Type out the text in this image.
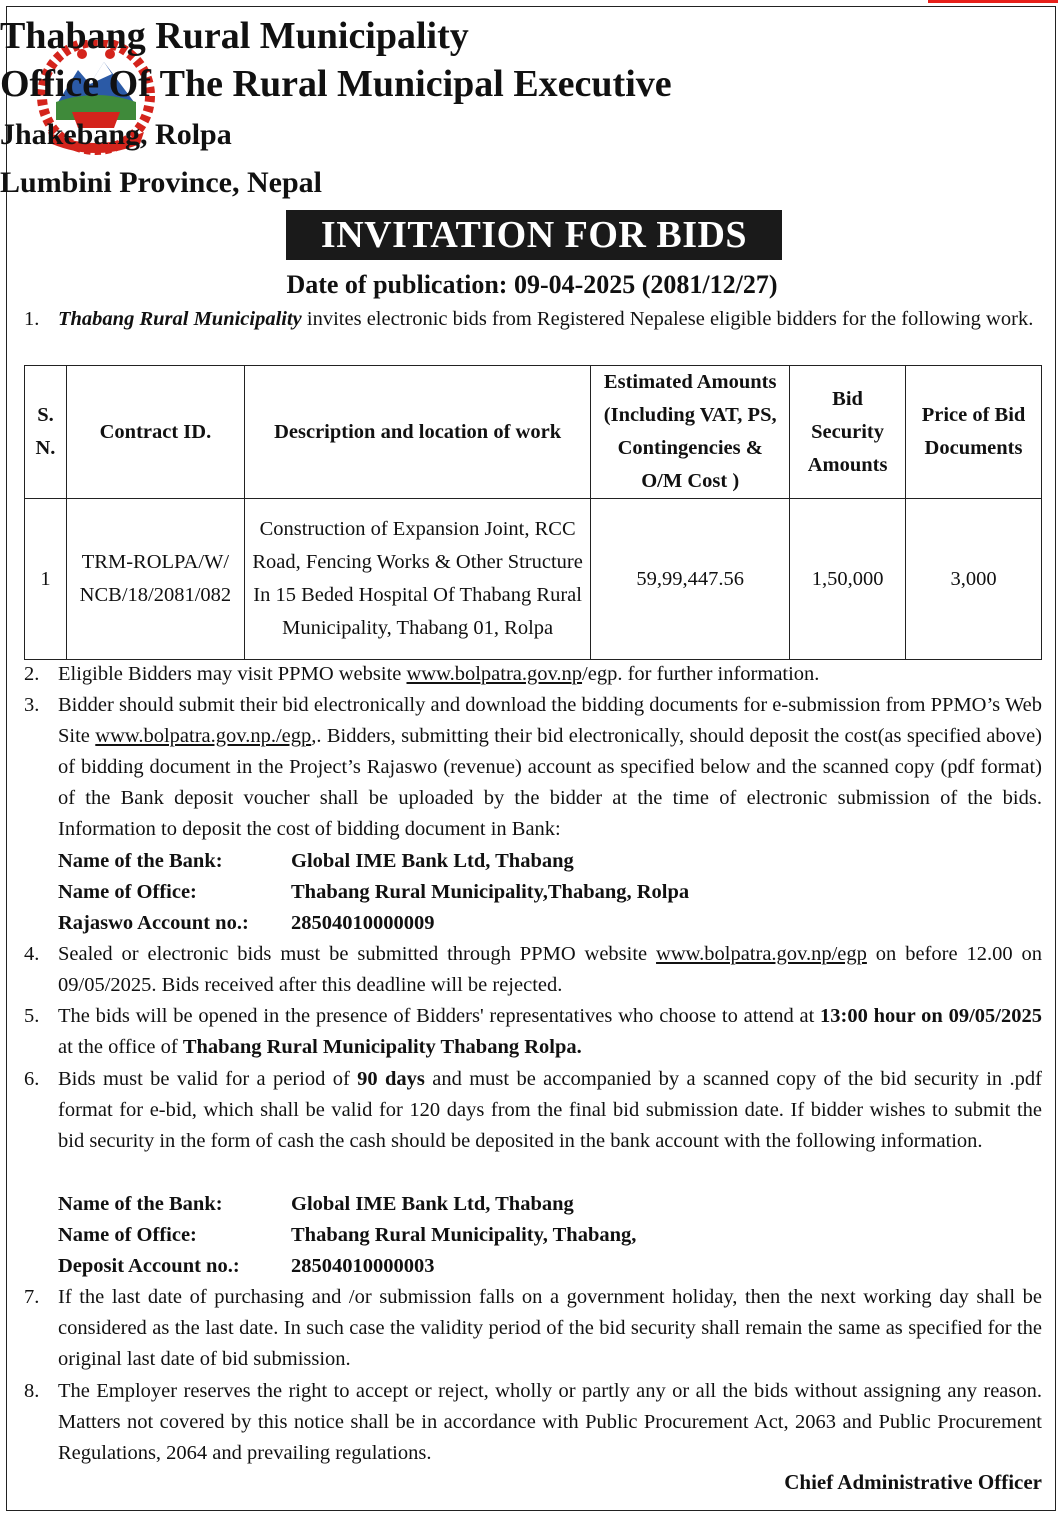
Thabang Rural Municipality
Office Of The Rural Municipal Executive
Jhakebang, Rolpa
Lumbini Province, Nepal
INVITATION FOR BIDS
Date of publication: 09-04-2025 (2081/12/27)
1. Thabang Rural Municipality invites electronic bids from Registered Nepalese eligible bidders for the following work.
S. N.	Contract ID.	Description and location of work	Estimated Amounts (Including VAT, PS, Contingencies & O/M Cost )	Bid Security Amounts	Price of Bid Documents
1	TRM-ROLPA/W/ NCB/18/2081/082	Construction of Expansion Joint, RCC Road, Fencing Works & Other Structure In 15 Beded Hospital Of Thabang Rural Municipality, Thabang 01, Rolpa	59,99,447.56	1,50,000	3,000
2. Eligible Bidders may visit PPMO website www.bolpatra.gov.np/egp. for further information.
3. Bidder should submit their bid electronically and download the bidding documents for e-submission from PPMO’s Web Site www.bolpatra.gov.np./egp,. Bidders, submitting their bid electronically, should deposit the cost(as specified above) of bidding document in the Project’s Rajaswo (revenue) account as specified below and the scanned copy (pdf format) of the Bank deposit voucher shall be uploaded by the bidder at the time of electronic submission of the bids. Information to deposit the cost of bidding document in Bank:
Name of the Bank:	Global IME Bank Ltd, Thabang
Name of Office:	Thabang Rural Municipality,Thabang, Rolpa
Rajaswo Account no.: 28504010000009
4. Sealed or electronic bids must be submitted through PPMO website www.bolpatra.gov.np/egp on before 12.00 on 09/05/2025. Bids received after this deadline will be rejected.
5. The bids will be opened in the presence of Bidders' representatives who choose to attend at 13:00 hour on 09/05/2025 at the office of Thabang Rural Municipality Thabang Rolpa.
6. Bids must be valid for a period of 90 days and must be accompanied by a scanned copy of the bid security in .pdf format for e-bid, which shall be valid for 120 days from the final bid submission date. If bidder wishes to submit the bid security in the form of cash the cash should be deposited in the bank account with the following information.
Name of the Bank:	Global IME Bank Ltd, Thabang
Name of Office:	Thabang Rural Municipality, Thabang,
Deposit Account no.:	28504010000003
7. If the last date of purchasing and /or submission falls on a government holiday, then the next working day shall be considered as the last date. In such case the validity period of the bid security shall remain the same as specified for the original last date of bid submission.
8. The Employer reserves the right to accept or reject, wholly or partly any or all the bids without assigning any reason. Matters not covered by this notice shall be in accordance with Public Procurement Act, 2063 and Public Procurement Regulations, 2064 and prevailing regulations.
Chief Administrative Officer
